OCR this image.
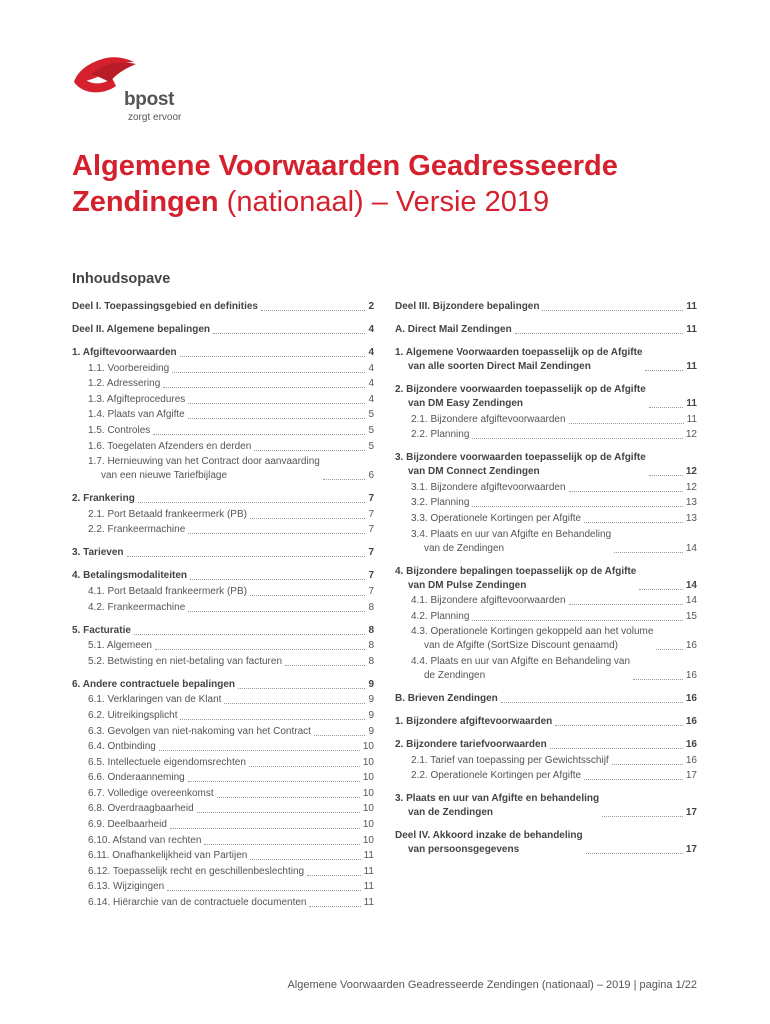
bpost
zorgt ervoor
Algemene Voorwaarden Geadresseerde Zendingen (nationaal) – Versie 2019
Inhoudsopave
Deel I. Toepassingsgebied en definities	2
Deel II. Algemene bepalingen	4
1. Afgiftevoorwaarden	4
1.1. Voorbereiding	4
1.2. Adressering	4
1.3. Afgifteprocedures	4
1.4. Plaats van Afgifte	5
1.5. Controles	5
1.6. Toegelaten Afzenders en derden	5
1.7. Hernieuwing van het Contract door aanvaarding
van een nieuwe Tariefbijlage	6
2. Frankering	7
2.1. Port Betaald frankeermerk (PB)	7
2.2. Frankeermachine	7
3. Tarieven	7
4. Betalingsmodaliteiten	7
4.1. Port Betaald frankeermerk (PB)	7
4.2. Frankeermachine	8
5. Facturatie	8
5.1. Algemeen	8
5.2. Betwisting en niet-betaling van facturen	8
6. Andere contractuele bepalingen	9
6.1. Verklaringen van de Klant	9
6.2. Uitreikingsplicht	9
6.3. Gevolgen van niet-nakoming van het Contract	9
6.4. Ontbinding	10
6.5. Intellectuele eigendomsrechten	10
6.6. Onderaanneming	10
6.7. Volledige overeenkomst	10
6.8. Overdraagbaarheid	10
6.9. Deelbaarheid	10
6.10. Afstand van rechten	10
6.11. Onafhankelijkheid van Partijen	11
6.12. Toepasselijk recht en geschillenbeslechting	11
6.13. Wijzigingen	11
6.14. Hiërarchie van de contractuele documenten	11
Deel III. Bijzondere bepalingen	11
A. Direct Mail Zendingen	11
1. Algemene Voorwaarden toepasselijk op de Afgifte
van alle soorten Direct Mail Zendingen	11
2. Bijzondere voorwaarden toepasselijk op de Afgifte
van DM Easy Zendingen	11
2.1. Bijzondere afgiftevoorwaarden	11
2.2. Planning	12
3. Bijzondere voorwaarden toepasselijk op de Afgifte
van DM Connect Zendingen	12
3.1. Bijzondere afgiftevoorwaarden	12
3.2. Planning	13
3.3. Operationele Kortingen per Afgifte	13
3.4. Plaats en uur van Afgifte en Behandeling
van de Zendingen	14
4. Bijzondere bepalingen toepasselijk op de Afgifte
van DM Pulse Zendingen	14
4.1. Bijzondere afgiftevoorwaarden	14
4.2. Planning	15
4.3. Operationele Kortingen gekoppeld aan het volume
van de Afgifte (SortSize Discount genaamd)	16
4.4. Plaats en uur van Afgifte en Behandeling van
de Zendingen	16
B. Brieven Zendingen	16
1. Bijzondere afgiftevoorwaarden	16
2. Bijzondere tariefvoorwaarden	16
2.1. Tarief van toepassing per Gewichtsschijf	16
2.2. Operationele Kortingen per Afgifte	17
3. Plaats en uur van Afgifte en behandeling
van de Zendingen	17
Deel IV. Akkoord inzake de behandeling
van persoonsgegevens	17
Algemene Voorwaarden Geadresseerde Zendingen (nationaal) – 2019 | pagina 1/22
